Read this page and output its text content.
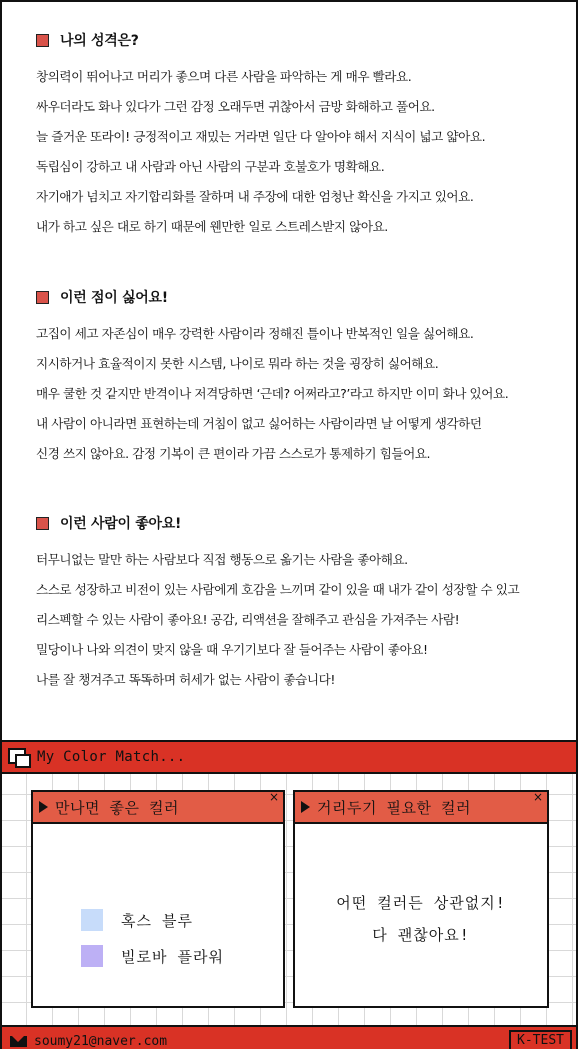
나의 성격은?
창의력이 뛰어나고 머리가 좋으며 다른 사람을 파악하는 게 매우 빨라요.
싸우더라도 화나 있다가 그런 감정 오래두면 귀찮아서 금방 화해하고 풀어요.
늘 즐거운 또라이! 긍정적이고 재밌는 거라면 일단 다 알아야 해서 지식이 넓고 얇아요.
독립심이 강하고 내 사람과 아닌 사람의 구분과 호불호가 명확해요.
자기애가 넘치고 자기합리화를 잘하며 내 주장에 대한 엄청난 확신을 가지고 있어요.
내가 하고 싶은 대로 하기 때문에 웬만한 일로 스트레스받지 않아요.
이런 점이 싫어요!
고집이 세고 자존심이 매우 강력한 사람이라 정해진 틀이나 반복적인 일을 싫어해요.
지시하거나 효율적이지 못한 시스템, 나이로 뭐라 하는 것을 굉장히 싫어해요.
매우 쿨한 것 같지만 반격이나 저격당하면 ‘근데? 어쩌라고?’라고 하지만 이미 화나 있어요.
내 사람이 아니라면 표현하는데 거침이 없고 싫어하는 사람이라면 날 어떻게 생각하던
신경 쓰지 않아요. 감정 기복이 큰 편이라 가끔 스스로가 통제하기 힘들어요.
이런 사람이 좋아요!
터무니없는 말만 하는 사람보다 직접 행동으로 옮기는 사람을 좋아해요.
스스로 성장하고 비전이 있는 사람에게 호감을 느끼며 같이 있을 때 내가 같이 성장할 수 있고
리스펙할 수 있는 사람이 좋아요! 공감, 리액션을 잘해주고 관심을 가져주는 사람!
밀당이나 나와 의견이 맞지 않을 때 우기기보다 잘 들어주는 사람이 좋아요!
나를 잘 챙겨주고 똑똑하며 허세가 없는 사람이 좋습니다!
My Color Match...
만나면 좋은 컬러
×
혹스 블루
빌로바 플라워
거리두기 필요한 컬러
×
어떤 컬러든 상관없지!
다 괜찮아요!
soumy21@naver.com	K-TEST
